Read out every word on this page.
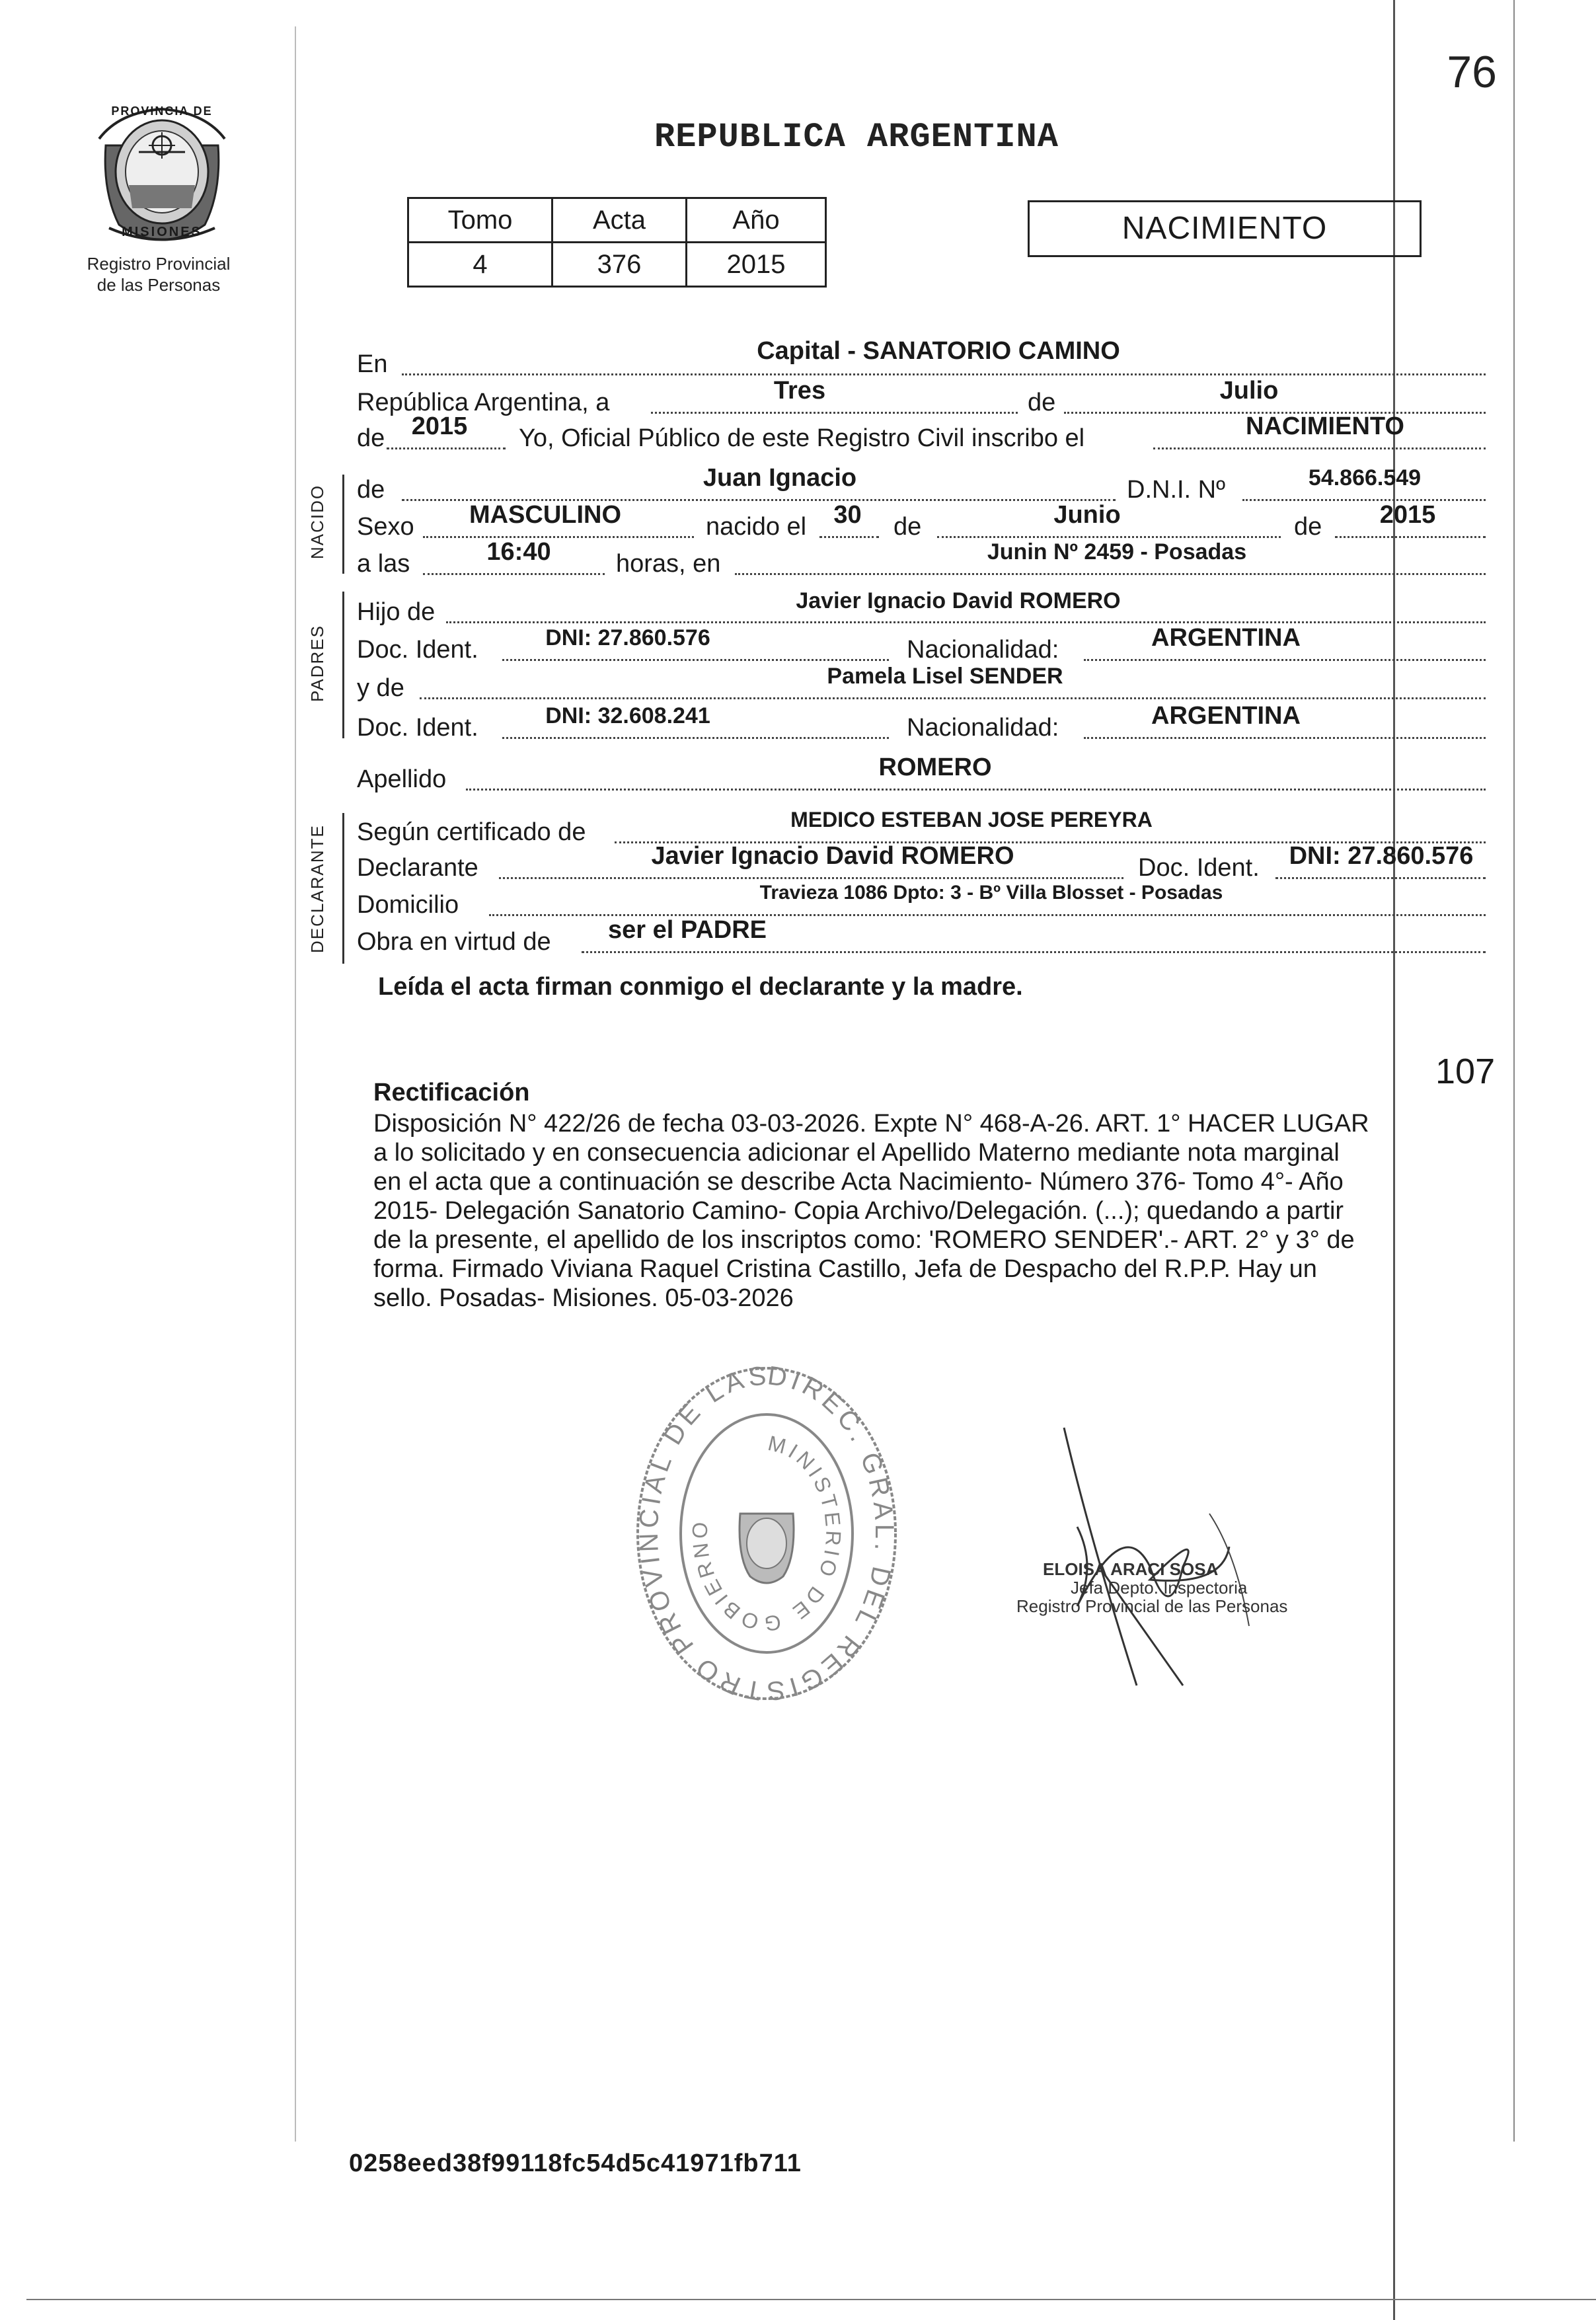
PROVINCIA DE
MISIONES
Registro Provincial
de las Personas
76
REPUBLICA ARGENTINA
Tomo	Acta	Año
4	376	2015
NACIMIENTO
NACIDO
PADRES
DECLARANTE
En	Capital - SANATORIO CAMINO
República Argentina, a	Tres	de	Julio
de	2015	Yo, Oficial Público de este Registro Civil inscribo el	NACIMIENTO
de	Juan Ignacio	D.N.I. Nº	54.866.549
Sexo	MASCULINO	nacido el	30	de	Junio	de	2015
a las	16:40	horas, en	Junin Nº 2459 - Posadas
Hijo de	Javier Ignacio David ROMERO
Doc. Ident.	DNI: 27.860.576	Nacionalidad:	ARGENTINA
y de	Pamela Lisel SENDER
Doc. Ident.	DNI: 32.608.241	Nacionalidad:	ARGENTINA
Apellido	ROMERO
Según certificado de	MEDICO ESTEBAN JOSE PEREYRA
Declarante	Javier Ignacio David ROMERO	Doc. Ident.	DNI: 27.860.576
Domicilio	Travieza 1086 Dpto: 3 - Bº Villa Blosset - Posadas
Obra en virtud de	ser el PADRE
Leída el acta firman conmigo el declarante y la madre.
107
Rectificación
Disposición N° 422/26 de fecha 03-03-2026. Expte N° 468-A-26. ART. 1° HACER LUGAR
a lo solicitado y en consecuencia adicionar el Apellido Materno mediante nota marginal
en el acta que a continuación se describe Acta Nacimiento- Número 376- Tomo 4°- Año
2015- Delegación Sanatorio Camino- Copia Archivo/Delegación. (...); quedando a partir
de la presente, el apellido de los inscriptos como: 'ROMERO SENDER'.- ART. 2° y 3° de
forma. Firmado Viviana Raquel Cristina Castillo, Jefa de Despacho del R.P.P. Hay un
sello. Posadas- Misiones. 05-03-2026
DIREC. GRAL. DEL REGISTRO PROVINCIAL DE LAS
MINISTERIO DE GOBIERNO
ELOISA ARACI SOSA
Jefa Depto. Inspectoria
Registro Provincial de las Personas
0258eed38f99118fc54d5c41971fb711
